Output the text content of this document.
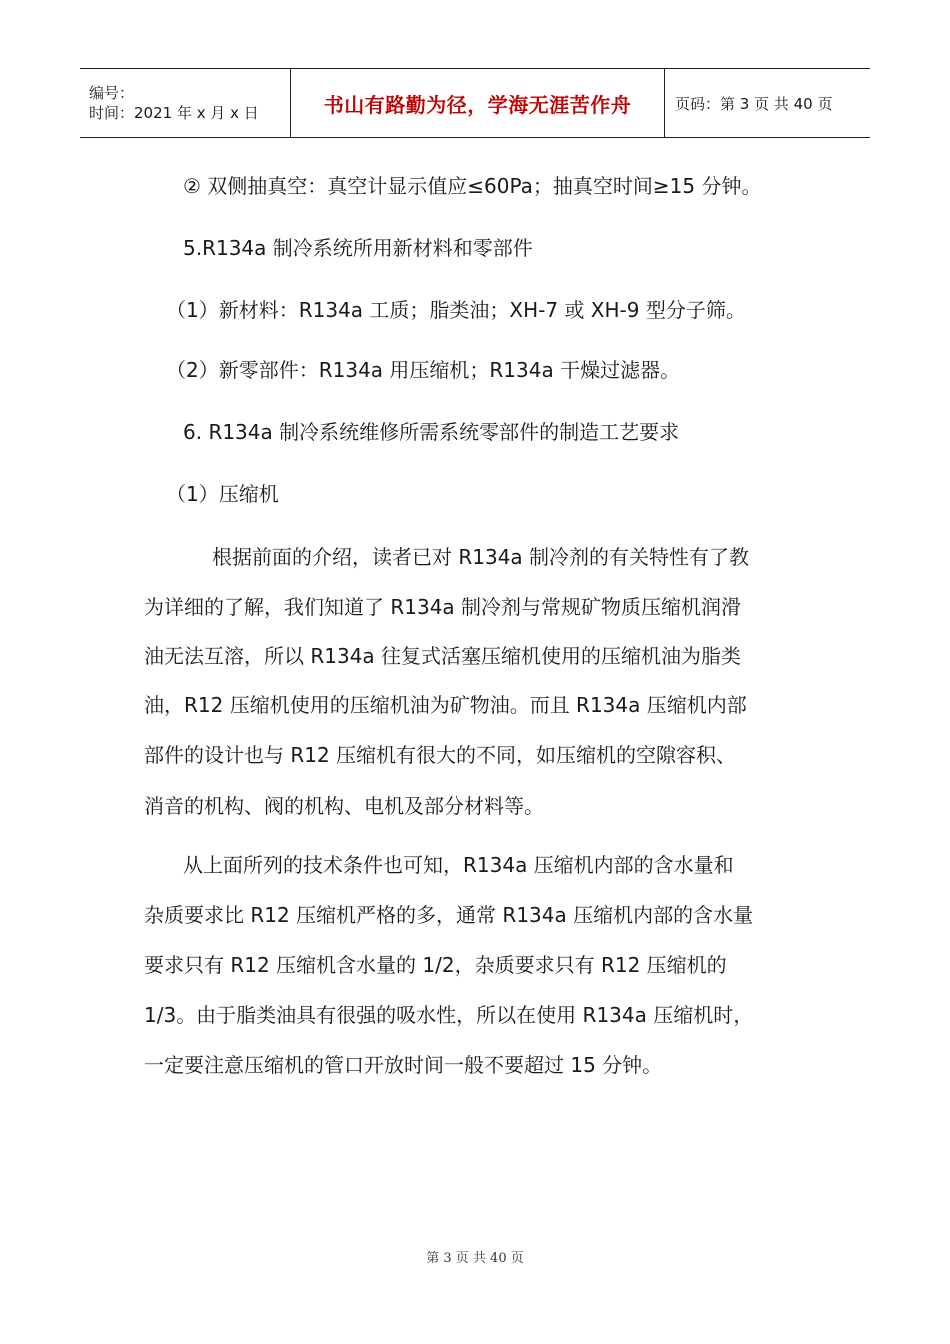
编号：
时间：2021 年 x 月 x 日	书山有路勤为径，学海无涯苦作舟	页码：第 3 页 共 40 页
② 双侧抽真空：真空计显示值应≤60Pa；抽真空时间≥15 分钟。
5.R134a 制冷系统所用新材料和零部件
（1）新材料：R134a 工质；脂类油；XH-7 或 XH-9 型分子筛。
（2）新零部件：R134a 用压缩机；R134a 干燥过滤器。
6. R134a 制冷系统维修所需系统零部件的制造工艺要求
（1）压缩机
根据前面的介绍，读者已对 R134a 制冷剂的有关特性有了教
为详细的了解，我们知道了 R134a 制冷剂与常规矿物质压缩机润滑
油无法互溶，所以 R134a 往复式活塞压缩机使用的压缩机油为脂类
油，R12 压缩机使用的压缩机油为矿物油。而且 R134a 压缩机内部
部件的设计也与 R12 压缩机有很大的不同，如压缩机的空隙容积、
消音的机构、阀的机构、电机及部分材料等。
从上面所列的技术条件也可知，R134a 压缩机内部的含水量和
杂质要求比 R12 压缩机严格的多，通常 R134a 压缩机内部的含水量
要求只有 R12 压缩机含水量的 1/2，杂质要求只有 R12 压缩机的
1/3。由于脂类油具有很强的吸水性，所以在使用 R134a 压缩机时，
一定要注意压缩机的管口开放时间一般不要超过 15 分钟。
第 3 页 共 40 页
